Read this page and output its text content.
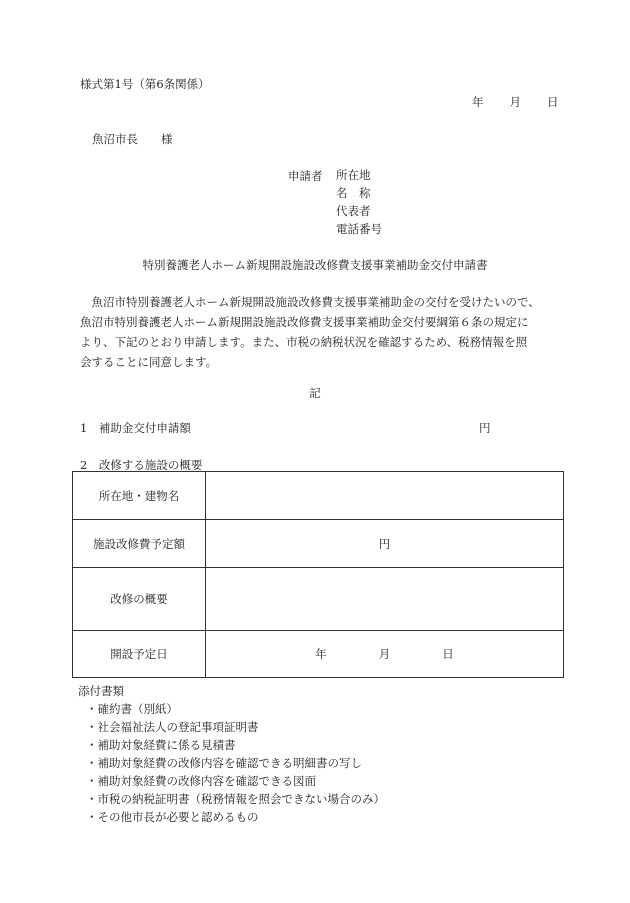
様式第1号（第6条関係）
年 月 日
魚沼市長　　様
申請者 所在地
名　称
代表者
電話番号
特別養護老人ホーム新規開設施設改修費支援事業補助金交付申請書
　魚沼市特別養護老人ホーム新規開設施設改修費支援事業補助金の交付を受けたいので、
魚沼市特別養護老人ホーム新規開設施設改修費支援事業補助金交付要綱第６条の規定に
より、下記のとおり申請します。また、市税の納税状況を確認するため、税務情報を照
会することに同意します。
記
1　補助金交付申請額	円
2　改修する施設の概要
所在地・建物名	
施設改修費予定額	円
改修の概要	
開設予定日	年 月 日
添付書類
・確約書（別紙）
・社会福祉法人の登記事項証明書
・補助対象経費に係る見積書
・補助対象経費の改修内容を確認できる明細書の写し
・補助対象経費の改修内容を確認できる図面
・市税の納税証明書（税務情報を照会できない場合のみ）
・その他市長が必要と認めるもの
